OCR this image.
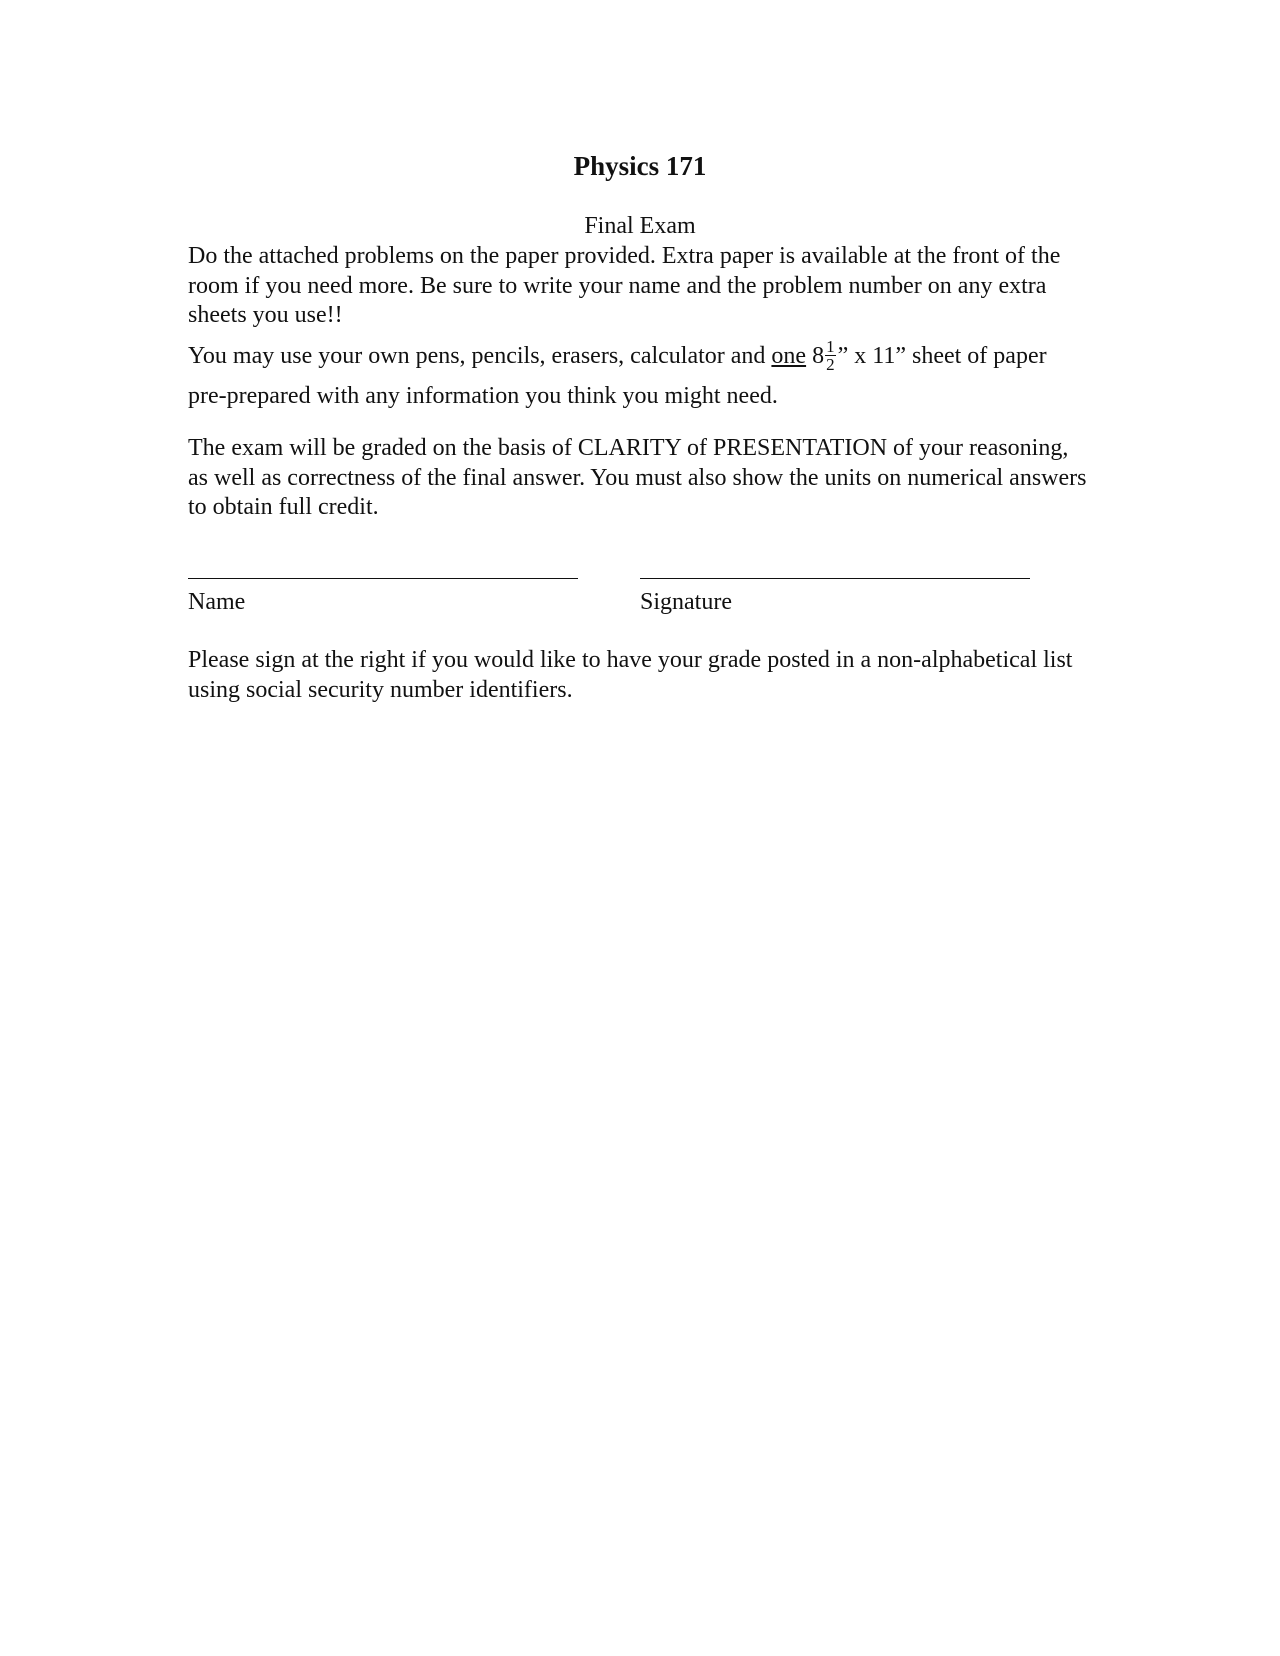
Physics 171
Final Exam

Do the attached problems on the paper provided. Extra paper is available at the front of the room if you need more. Be sure to write your name and the problem number on any extra sheets you use!!

You may use your own pens, pencils, erasers, calculator and one $8 \frac{1}{2}$ ” x 11” sheet of paper pre-prepared with any information you think you might need.

The exam will be graded on the basis of CLARITY of PRESENTATION of your reasoning, as well as correctness of the final answer. You must also show the units on numerical answers to obtain full credit.

Name	Signature

Please sign at the right if you would like to have your grade posted in a non-alphabetical list using social security number identifiers.
